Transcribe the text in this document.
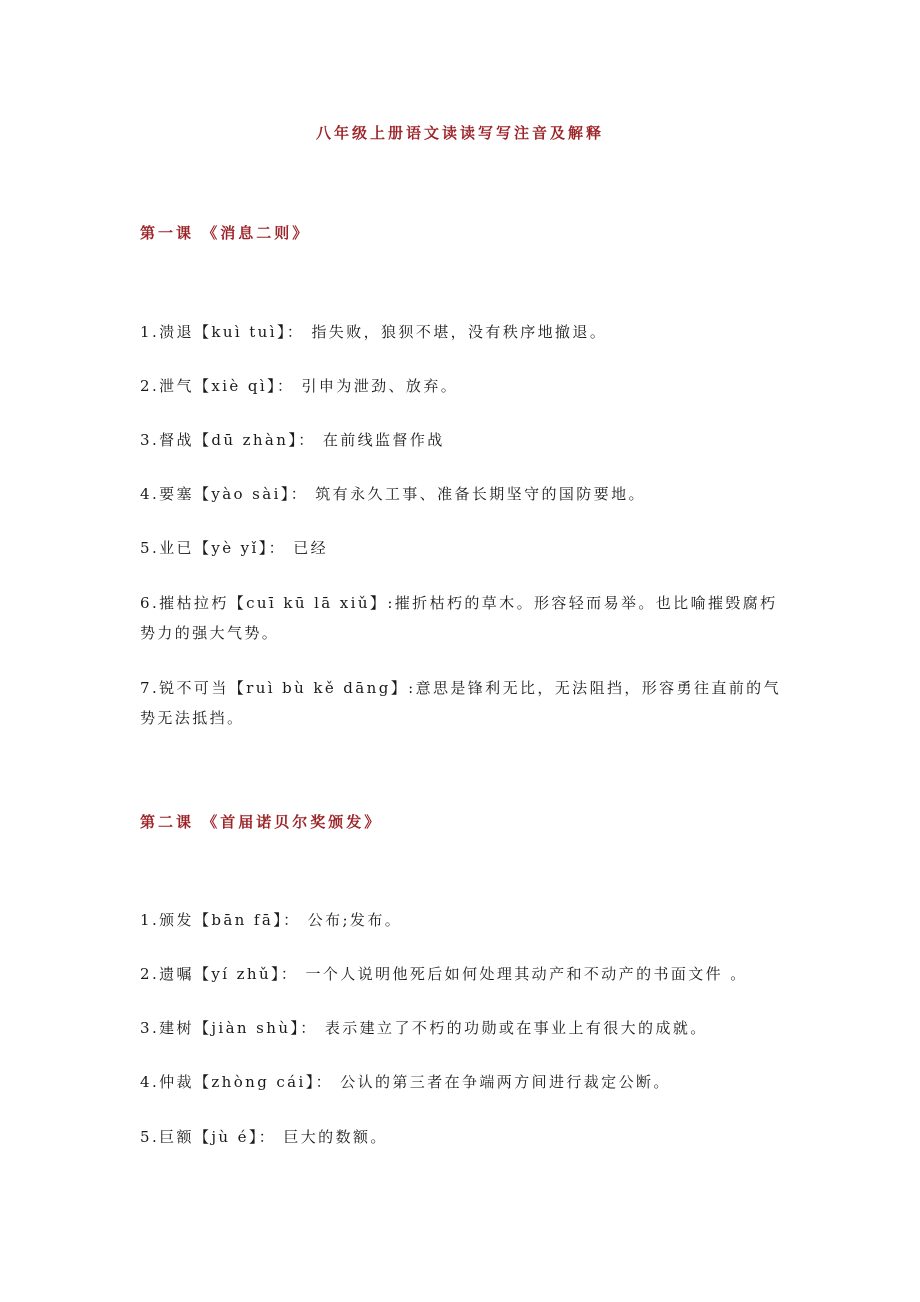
八年级上册语文读读写写注音及解释
第一课 《消息二则》
1.溃退【kuì tuì】： 指失败，狼狈不堪，没有秩序地撤退。
2.泄气【xiè qì】： 引申为泄劲、放弃。
3.督战【dū zhàn】： 在前线监督作战
4.要塞【yào sài】： 筑有永久工事、准备长期坚守的国防要地。
5.业已【yè yǐ】： 已经
6.摧枯拉朽【cuī kū lā xiǔ】:摧折枯朽的草木。形容轻而易举。也比喻摧毁腐朽势力的强大气势。
7.锐不可当【ruì bù kě dāng】:意思是锋利无比，无法阻挡，形容勇往直前的气势无法抵挡。
第二课 《首届诺贝尔奖颁发》
1.颁发【bān fā】： 公布;发布。
2.遗嘱【yí zhǔ】： 一个人说明他死后如何处理其动产和不动产的书面文件 。
3.建树【jiàn shù】： 表示建立了不朽的功勋或在事业上有很大的成就。
4.仲裁【zhòng cái】： 公认的第三者在争端两方间进行裁定公断。
5.巨额【jù é】： 巨大的数额。
